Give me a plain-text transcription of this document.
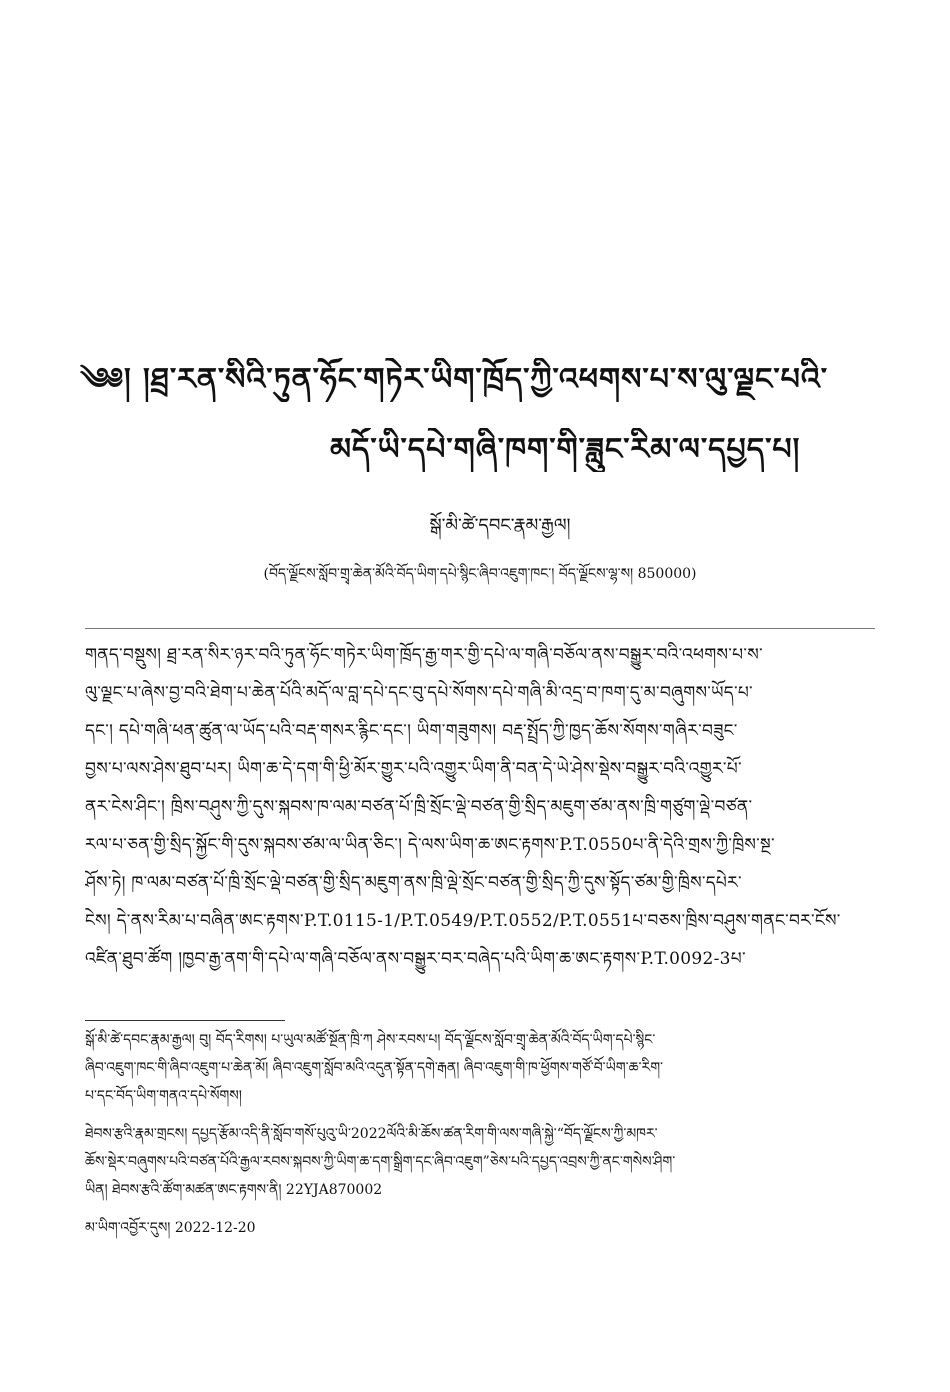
༄༅། །ཐྲ་རན་སིའི་ཏུན་ཧོང་གཏེར་ཡིག་ཁྲོད་ཀྱི་འཕགས་པ་ས་ལུ་ལྗང་པའི་
མདོ་ཡི་དཔེ་གཞི་ཁག་གི་ཟླུང་རིམ་ལ་དཔྱད་པ།
སྒོ་མི་ཚེ་དབང་རྣམ་རྒྱལ།
(བོད་ལྗོངས་སློབ་གྲྭ་ཆེན་མོའི་བོད་ཡིག་དཔེ་སྙིང་ཞིབ་འཇུག་ཁང་། བོད་ལྗོངས་ལྷ་ས། 850000)
གནད་བསྡུས། ཐྲ་རན་སིར་ཉར་བའི་ཏུན་ཧོང་གཏེར་ཡིག་ཁྲོད་རྒྱ་གར་གྱི་དཔེ་ལ་གཞི་བཅོལ་ནས་བསྒྱུར་བའི་འཕགས་པ་ས་
ལུ་ལྗང་པ་ཞེས་བྱ་བའི་ཐེག་པ་ཆེན་པོའི་མདོ་ལ་བླ་དཔེ་དང་བུ་དཔེ་སོགས་དཔེ་གཞི་མི་འདྲ་བ་ཁག་དུ་མ་བཞུགས་ཡོད་པ་
དང་། དཔེ་གཞི་ཕན་ཚུན་ལ་ཡོད་པའི་བརྡ་གསར་རྙིང་དང་། ཡིག་གཟུགས། བརྡ་སྤྲོད་ཀྱི་ཁྱད་ཆོས་སོགས་གཞིར་བཟུང་
བྱས་པ་ལས་ཤེས་ཐུབ་པར། ཡིག་ཆ་དེ་དག་གི་ཕྱི་མོར་གྱུར་པའི་འགྱུར་ཡིག་ནི་བན་དེ་ཡེ་ཤེས་སྡེས་བསྒྱུར་བའི་འགྱུར་པོ་
ནར་ངེས་ཤིང་། ཁྲིས་བཤུས་ཀྱི་དུས་སྐབས་ཁ་ལམ་བཙན་པོ་ཁྲི་སྲོང་ལྡེ་བཙན་གྱི་སྲིད་མཇུག་ཙམ་ནས་ཁྲི་གཙུག་ལྡེ་བཙན་
རལ་པ་ཅན་གྱི་སྲིད་སྐྱོང་གི་དུས་སྐབས་ཙམ་ལ་ཡིན་ཅིང་། དེ་ལས་ཡིག་ཆ་ཨང་རྟགས་P.T.0550པ་ནི་དེའི་གྲས་ཀྱི་ཁྲིས་སྔ་
ཤོས་ཏེ། ཁ་ལམ་བཙན་པོ་ཁྲི་སྲོང་ལྡེ་བཙན་གྱི་སྲིད་མཇུག་ནས་ཁྲི་ལྡེ་སྲོང་བཙན་གྱི་སྲིད་ཀྱི་དུས་སྟོད་ཙམ་གྱི་ཁྲིས་དཔེར་
ངེས། དེ་ནས་རིམ་པ་བཞིན་ཨང་རྟགས་P.T.0115-1/P.T.0549/P.T.0552/P.T.0551པ་བཅས་ཁྲིས་བཤུས་གནང་བར་ངོས་
འཛིན་ཐུབ་ཚོག །ཁྱབ་རྒྱ་ནག་གི་དཔེ་ལ་གཞི་བཅོལ་ནས་བསྒྱུར་བར་བཞེད་པའི་ཡིག་ཆ་ཨང་རྟགས་P.T.0092-3པ་
སྒོ་མི་ཚེ་དབང་རྣམ་རྒྱལ། བུ། བོད་རིགས། པ་ཡུལ་མཚོ་སྔོན་ཁྲི་ཀ ཤེས་རབས་པ། བོད་ལྗོངས་སློབ་གྲྭ་ཆེན་མོའི་བོད་ཡིག་དཔེ་སྙིང་
ཞིབ་འཇུག་ཁང་གི་ཞིབ་འཇུག་པ་ཆེན་མོ། ཞིབ་འཇུག་སློབ་མའི་འདུན་སྟོན་དགེ་རྒན། ཞིབ་འཇུག་གི་ཁ་ཕྱོགས་གཙོ་བོ་ཡིག་ཆ་རིག་
པ་དང་བོད་ཡིག་གནའ་དཔེ་སོགས།
ཐེབས་རྩའི་རྣམ་གྲངས། དཔྱད་རྩོམ་འདི་ནི་སློབ་གསོ་པུའུ་ཡི་2022ལོའི་མི་ཆོས་ཚན་རིག་གི་ལས་གཞི་སྐྱེ་“བོད་ལྗོངས་ཀྱི་མཁར་
ཆོས་སྡེར་བཞུགས་པའི་བཙན་པོའི་རྒྱལ་རབས་སྐབས་ཀྱི་ཡིག་ཆ་དག་སྒྲིག་དང་ཞིབ་འཇུག”ཅེས་པའི་དཔྱད་འབྲས་ཀྱི་ནང་གསེས་ཤིག་
ཡིན། ཐེབས་རྩའི་ཚོག་མཚན་ཨང་རྟགས་ནི། 22YJA870002
མ་ཡིག་འབྱོར་དུས། 2022-12-20
